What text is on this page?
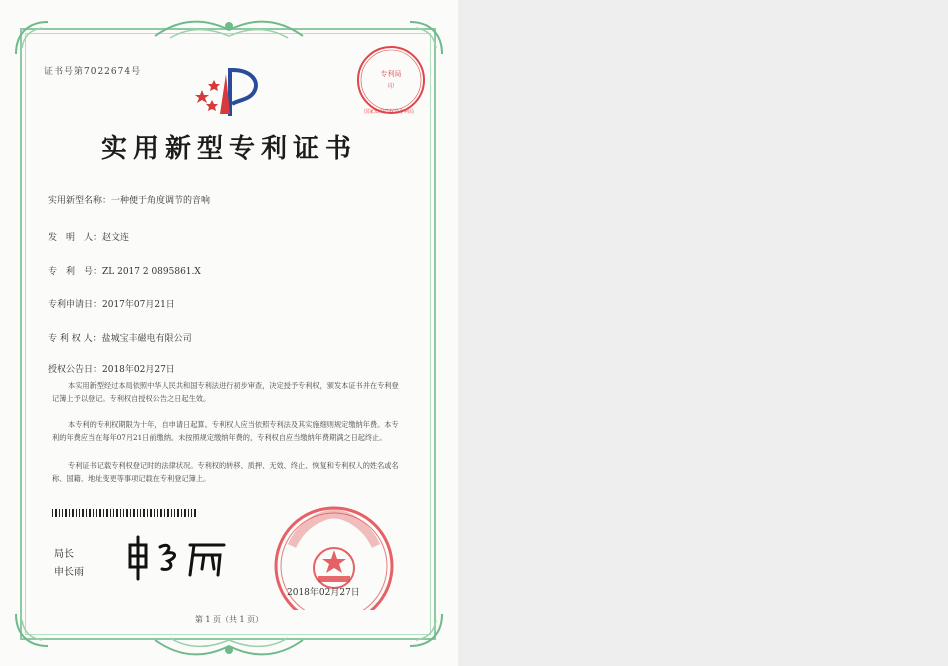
证书号第7022674号	专利局
印
国家知识产权局专利局
实用新型专利证书
实用新型名称：一种便于角度调节的音响
发　明　人：赵文连
专　利　号：ZL 2017 2 0895861.X
专利申请日：2017年07月21日
专 利 权 人：盐城宝丰磁电有限公司
授权公告日：2018年02月27日
本实用新型经过本局依照中华人民共和国专利法进行初步审查，决定授予专利权，颁发本证书并在专利登记簿上予以登记。专利权自授权公告之日起生效。
本专利的专利权期限为十年，自申请日起算。专利权人应当依照专利法及其实施细则规定缴纳年费。本专利的年费应当在每年07月21日前缴纳。未按照规定缴纳年费的，专利权自应当缴纳年费期满之日起终止。
专利证书记载专利权登记时的法律状况。专利权的转移、质押、无效、终止、恢复和专利权人的姓名或名称、国籍、地址变更等事项记载在专利登记簿上。
局长
申长雨
2018年02月27日
第 1 页（共 1 页）
